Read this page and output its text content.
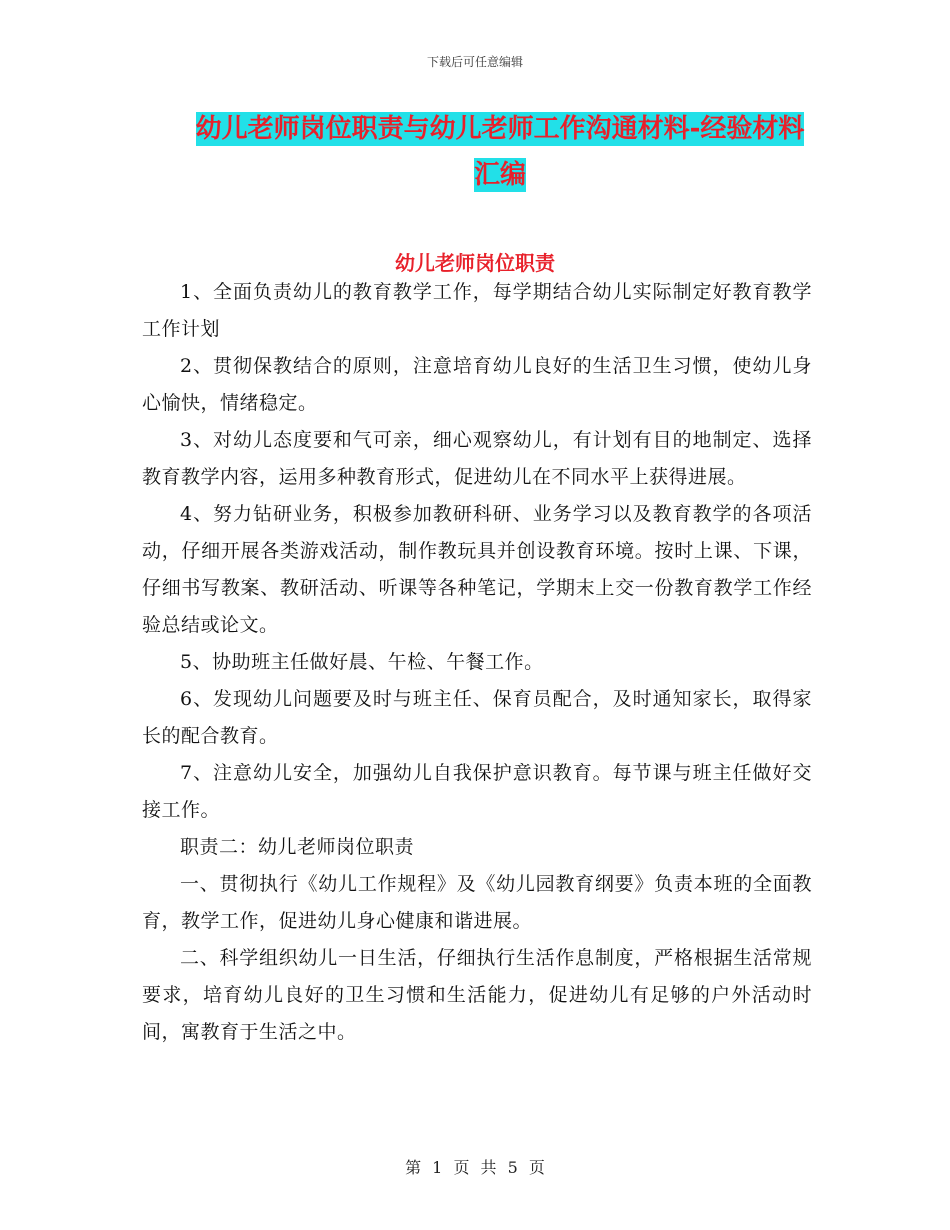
下载后可任意编辑
幼儿老师岗位职责与幼儿老师工作沟通材料-经验材料
汇编
幼儿老师岗位职责

1、全面负责幼儿的教育教学工作，每学期结合幼儿实际制定好教育教学工作计划

2、贯彻保教结合的原则，注意培育幼儿良好的生活卫生习惯，使幼儿身心愉快，情绪稳定。

3、对幼儿态度要和气可亲，细心观察幼儿，有计划有目的地制定、选择教育教学内容，运用多种教育形式，促进幼儿在不同水平上获得进展。

4、努力钻研业务，积极参加教研科研、业务学习以及教育教学的各项活动，仔细开展各类游戏活动，制作教玩具并创设教育环境。按时上课、下课，仔细书写教案、教研活动、听课等各种笔记，学期末上交一份教育教学工作经验总结或论文。

5、协助班主任做好晨、午检、午餐工作。

6、发现幼儿问题要及时与班主任、保育员配合，及时通知家长，取得家长的配合教育。

7、注意幼儿安全，加强幼儿自我保护意识教育。每节课与班主任做好交接工作。

职责二：幼儿老师岗位职责

一、贯彻执行《幼儿工作规程》及《幼儿园教育纲要》负责本班的全面教育，教学工作，促进幼儿身心健康和谐进展。

二、科学组织幼儿一日生活，仔细执行生活作息制度，严格根据生活常规要求，培育幼儿良好的卫生习惯和生活能力，促进幼儿有足够的户外活动时间，寓教育于生活之中。

第 1 页 共 5 页
